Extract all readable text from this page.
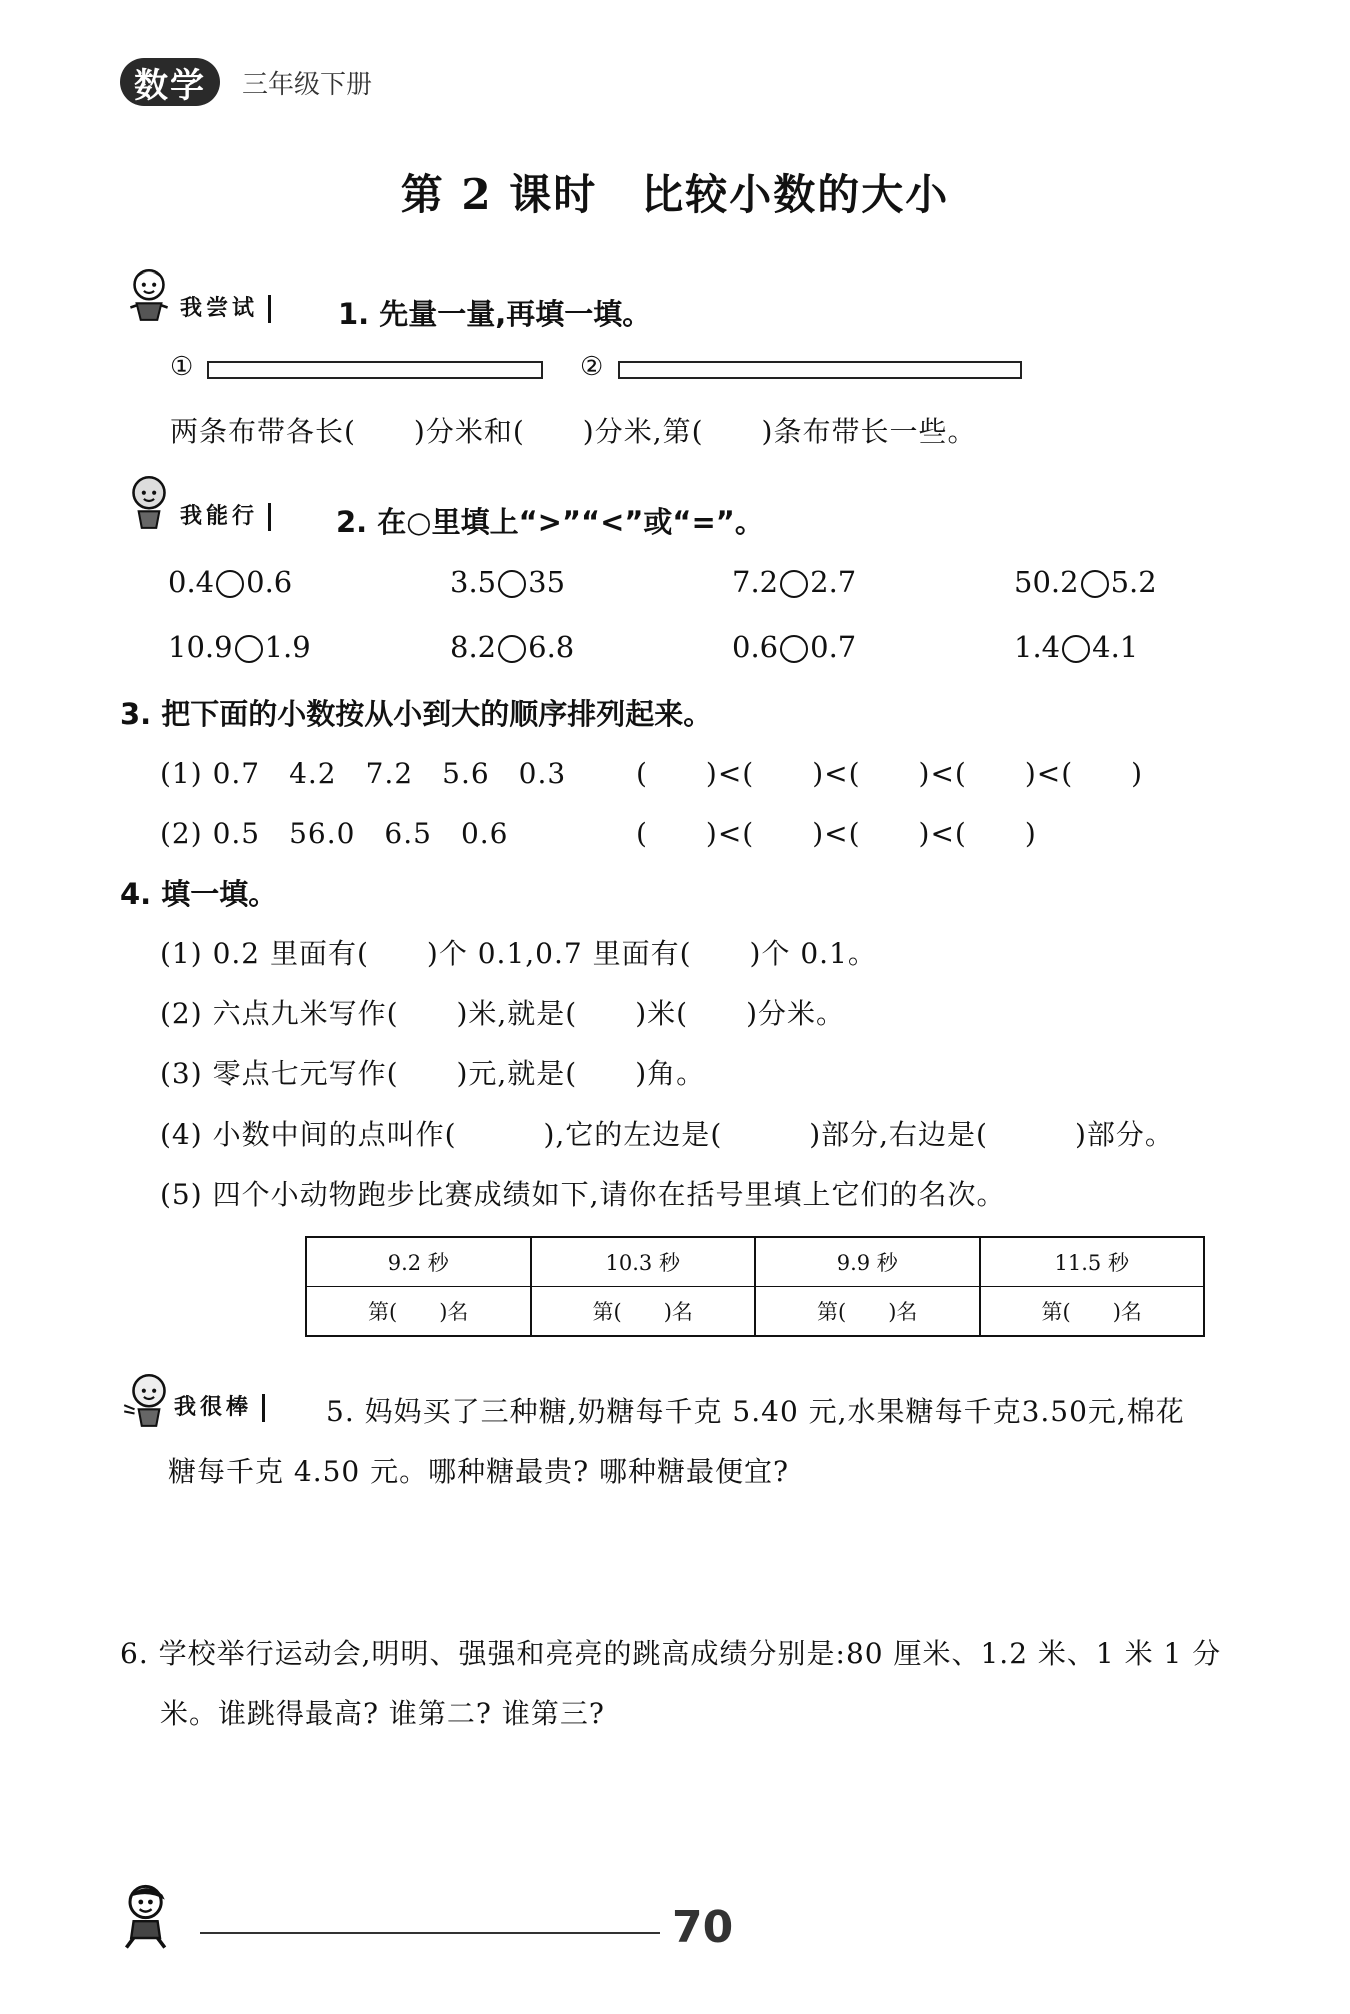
数学	三年级下册
第 2 课时　比较小数的大小
我尝试	1. 先量一量,再填一填。
①	②
两条布带各长(　　)分米和(　　)分米,第(　　)条布带长一些。
我能行	2. 在○里填上“>”“<”或“=”。
0.4 0.6	3.5 35	7.2 2.7	50.2 5.2
10.9 1.9	8.2 6.8	0.6 0.7	1.4 4.1
3. 把下面的小数按从小到大的顺序排列起来。
(1) 0.7　4.2　7.2　5.6　0.3 (　　)<(　　)<(　　)<(　　)<(　　)
(2) 0.5　56.0　6.5　0.6	(　　)<(　　)<(　　)<(　　)
4. 填一填。
(1) 0.2 里面有(　　)个 0.1,0.7 里面有(　　)个 0.1。
(2) 六点九米写作(　　)米,就是(　　)米(　　)分米。
(3) 零点七元写作(　　)元,就是(　　)角。
(4) 小数中间的点叫作(　　　),它的左边是(　　　)部分,右边是(　　　)部分。
(5) 四个小动物跑步比赛成绩如下,请你在括号里填上它们的名次。
9.2 秒	10.3 秒	9.9 秒	11.5 秒
第(　　)名	第(　　)名	第(　　)名	第(　　)名
我很棒	5. 妈妈买了三种糖,奶糖每千克 5.40 元,水果糖每千克3.50元,棉花
糖每千克 4.50 元。哪种糖最贵? 哪种糖最便宜?
6. 学校举行运动会,明明、强强和亮亮的跳高成绩分别是:80 厘米、1.2 米、1 米 1 分
米。谁跳得最高? 谁第二? 谁第三?
70
